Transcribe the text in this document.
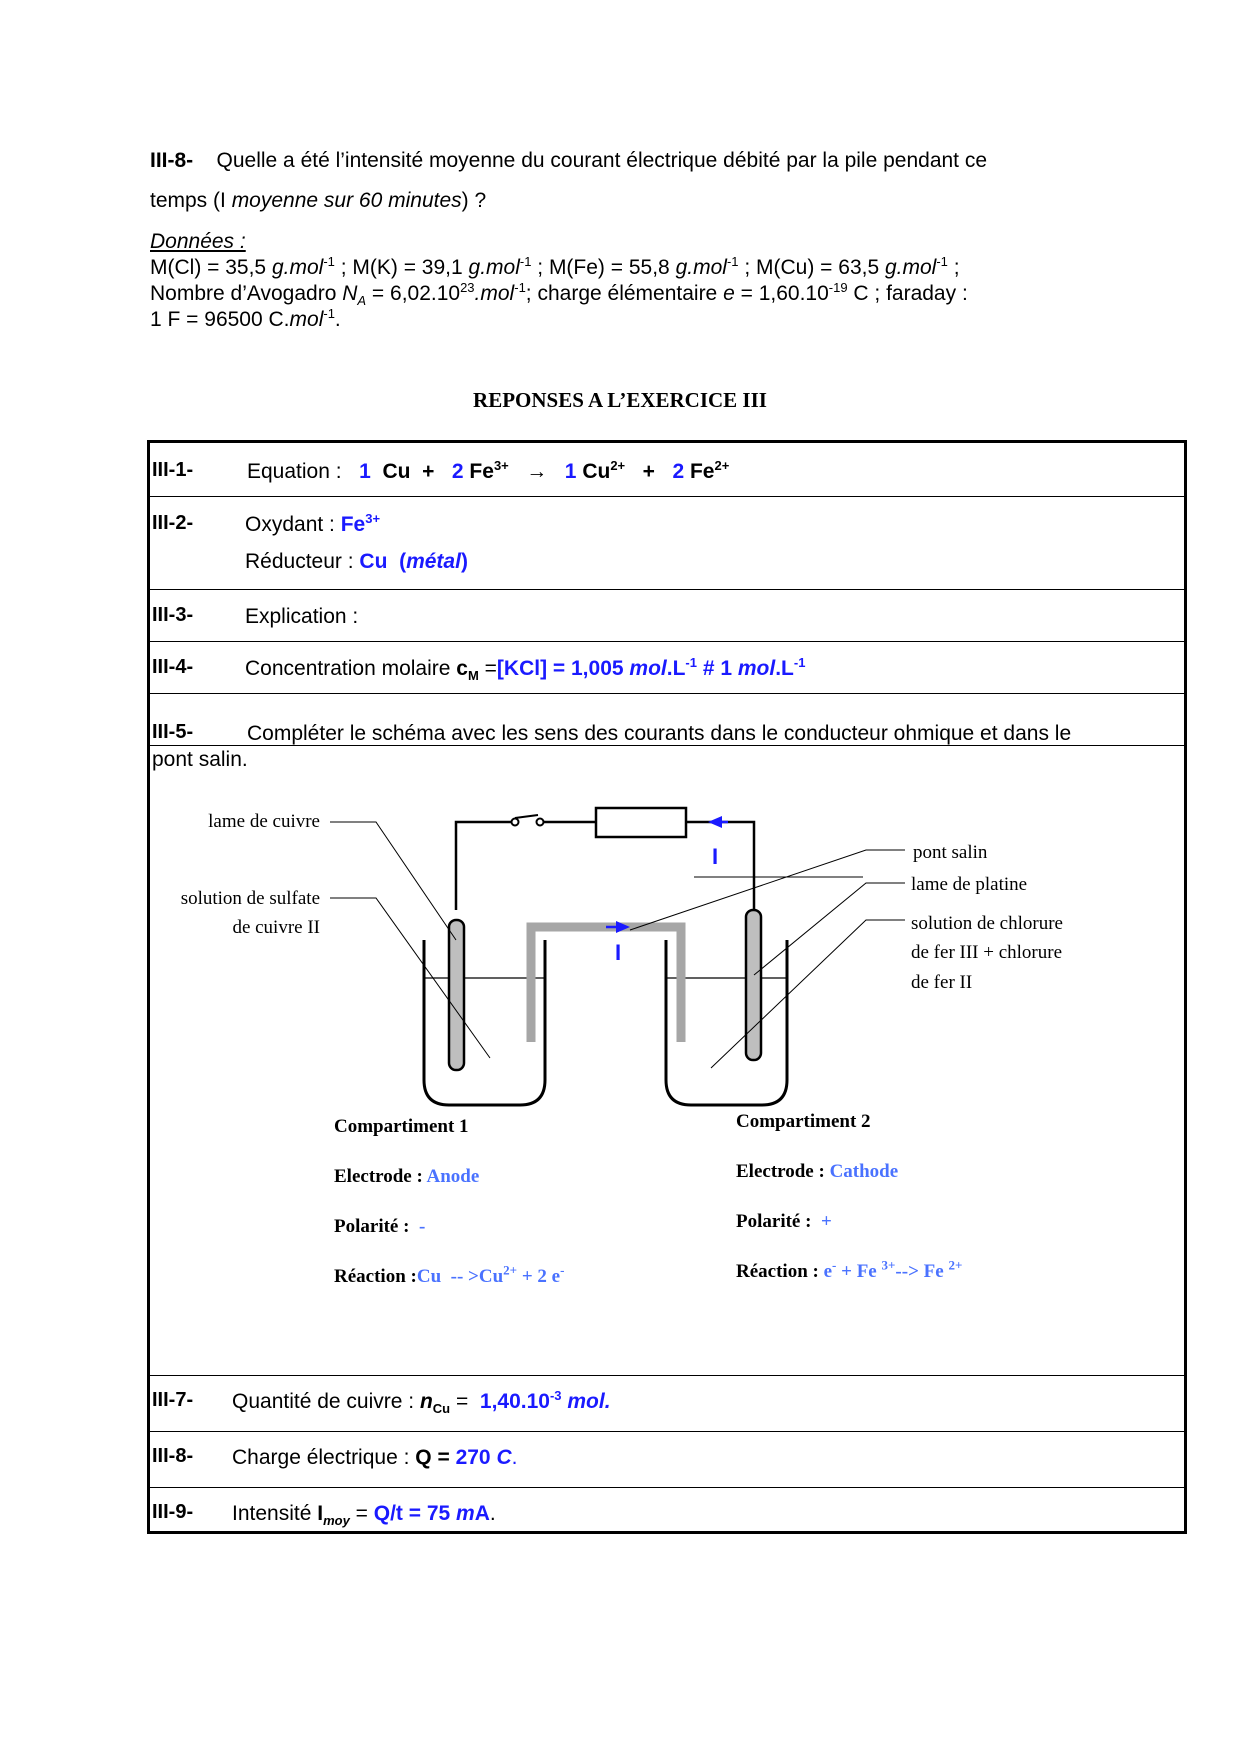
III-8- Quelle a été l’intensité moyenne du courant électrique débité par la pile pendant ce
temps (I moyenne sur 60 minutes) ?
Données :
M(Cl) = 35,5 g.mol$^{-1}$ ; M(K) = 39,1 g.mol$^{-1}$ ; M(Fe) = 55,8 g.mol$^{-1}$ ; M(Cu) = 63,5 g.mol$^{-1}$ ;
Nombre d’Avogadro $N_A = 6,02.10^{23}.mol^{-1}$; charge élémentaire $e = 1,60.10^{-19}$ C ; faraday :
1 F = 96500 C.mol$^{-1}$.
REPONSES A L’EXERCICE III
III-1-	Equation :   1 Cu + 2 $Fe^{3+} \to 1$ $Cu^{2+} + 2$ $Fe^{2+}$
III-2- Oxydant : $Fe^{3+}$
Réducteur : Cu  (métal)
III-3- Explication :
III-4- Concentration molaire $c_M =[KCl] = 1,005$ $mol.L^{-1}$ # 1 $mol.L^{-1}$
III-5-	Compléter le schéma avec les sens des courants dans le conducteur ohmique et dans le
pont salin.
III-7- Quantité de cuivre : $n_{Cu} = 1,40.10^{-3}$ mol.
III-8- Charge électrique : Q = 270 C.
III-9- Intensité $I_{moy} = Q/t = 75$ mA.
I
I
lame de cuivre
solution de sulfate
de cuivre II
pont salin
lame de platine
solution de chlorure
de fer III + chlorure
de fer II
Compartiment 1
Electrode : Anode
Polarité :  -
Réaction :Cu  -- $>Cu^{2+} + 2$ e-
Compartiment 2
Electrode : Cathode
Polarité :  +
Réaction : e- + Fe $^{3+}$--> Fe $^{2+}$
